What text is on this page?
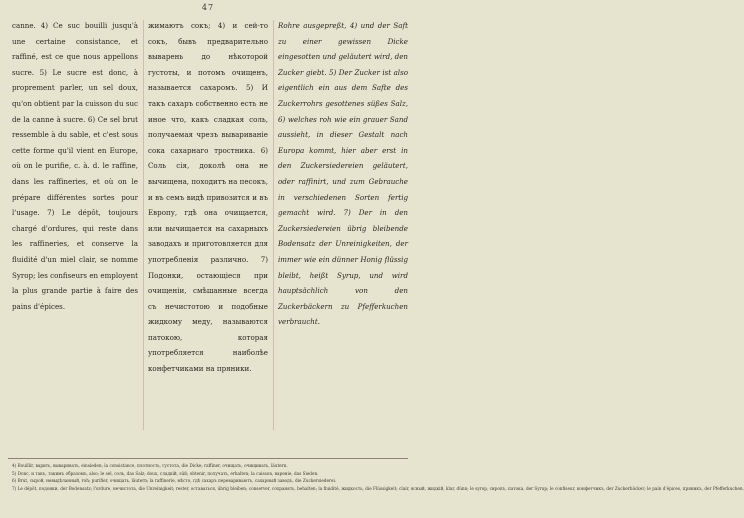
47

canne. 4) Ce suc bouilli jusqu'à une certaine consistance, et raffiné, est ce que nous appellons sucre. 5) Le sucre est donc, à proprement parler, un sel doux, qu'on obtient par la cuisson du suc de la canne à sucre. 6) Ce sel brut ressemble à du sable, et c'est sous cette forme qu'il vient en Europe, où on le purifie, c. à. d. le raffine, dans les raffineries, et où on le prépare différentes sortes pour l'usage. 7) Le dépôt, toujours chargé d'ordures, qui reste dans les raffineries, et conserve la fluidité d'un miel clair, se nomme Syrop; les confiseurs en employent la plus grande partie à faire des pains d'épices.

жимаютъ сокъ; 4) и сей-то сокъ, бывъ предварительно выварень до нѣкоторой густоты, и потомъ очищенъ, называется сахаромъ. 5) И такъ сахаръ собственно есть не иное что, какъ сладкая соль, получаемая чрезъ вывариваніе сока сахарнаго тростника. 6) Соль сія, доколѣ она не вычищена, походитъ на песокъ, и въ семъ видѣ привозится и въ Европу, гдѣ она очищается, или вычищается на сахарныхъ заводахъ и приготовляется для употребленія различно. 7) Подонки, остающіеся при очищеніи, смѣшанные всегда съ нечистотою и подобные жидкому меду, называются патокою, которая употребляется наиболѣе конфетчиками на пряники.

Rohre ausgepreßt, 4) und der Saft zu einer gewissen Dicke eingesotten und geläutert wird, den Zucker giebt. 5) Der Zucker ist also eigentlich ein aus dem Safte des Zuckerrohrs gesottenes süßes Salz, 6) welches roh wie ein grauer Sand aussieht, in dieser Gestalt nach Europa kommt, hier aber erst in den Zuckersiedereien geläutert, oder raffinirt, und zum Gebrauche in verschiedenen Sorten fertig gemacht wird. 7) Der in den Zuckersiedereien übrig bleibende Bodensatz der Unreinigkeiten, der immer wie ein dünner Honig flüssig bleibt, heißt Syrup, und wird hauptsächlich von den Zuckerbäckern zu Pfefferkuchen verbraucht.

4) Bouillir, варить, вываривать, einsieden; la consistance, плотность, густота, die Dicke; raffiner, очищать, очищивать, läutern.
5) Donc, и такъ, такимъ образомъ, also; le sel, соль, das Salz; doux, сладкій, süß; obtenir, получать, erhalten; la cuisson, вареніе, das Sieden.
6) Brut, сырой, невыдѣланный, roh; purifier, очищать, läutern; la raffinerie, мѣсто, гдѣ сахаръ перевариваютъ, сахарный заводъ, die Zuckersiederei.
7) Le dépôt, подонки, der Bodensatz; l'ordure, нечистота, die Unreinigkeit; rester, оставаться, übrig bleiben; conserver, сохранять, behalten; la fluidité, жидкость, die Flüssigkeit; clair, ясный, жидкій, klar, dünn; le syrop, сиропъ, патока, der Syrup; le confiseur, конфетчикъ, der Zuckerbäcker; le pain d'épices, пряникъ, der Pfefferkuchen.
